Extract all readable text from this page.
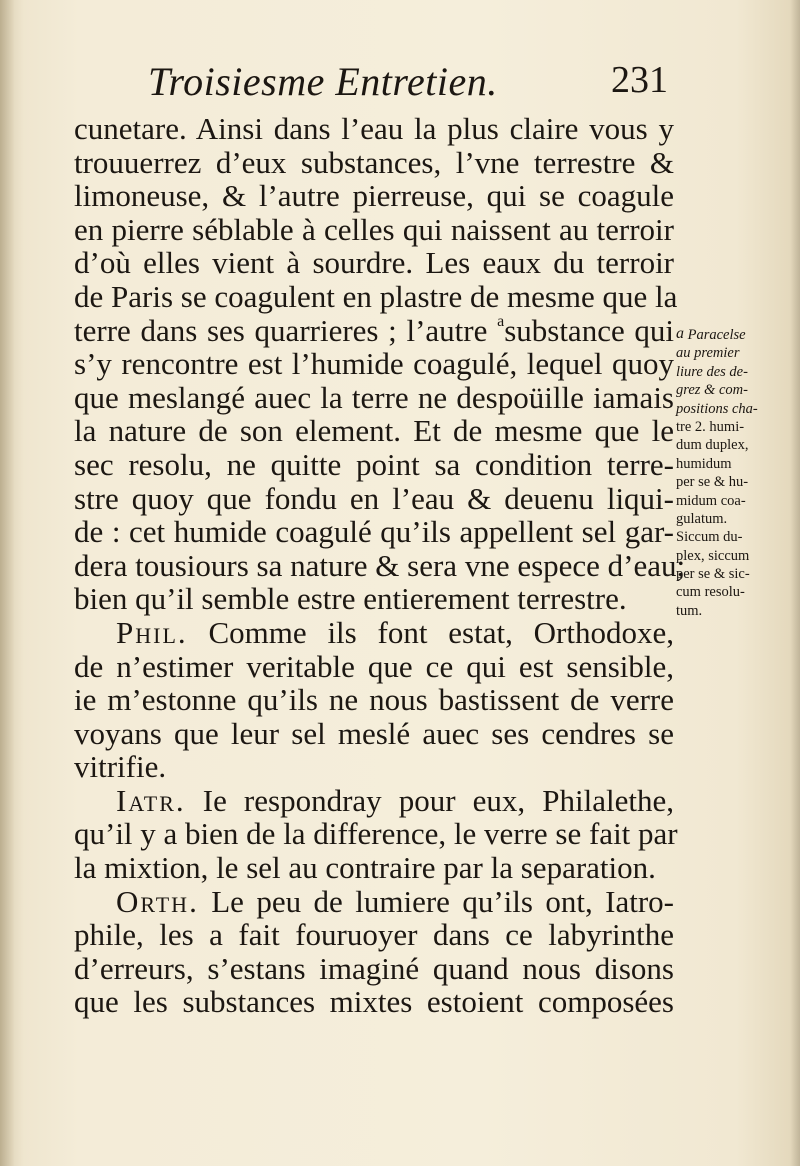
Troisiesme Entretien.	231
cunetare. Ainsi dans l’eau la plus claire vous y
trouuerrez d’eux substances, l’vne terrestre &
limoneuse, & l’autre pierreuse, qui se coagule
en pierre séblable à celles qui naissent au terroir
d’où elles vient à sourdre. Les eaux du terroir
de Paris se coagulent en plastre de mesme que la
terre dans ses quarrieres ; l’autre $^a$substance qui
s’y rencontre est l’humide coagulé, lequel quoy
que meslangé auec la terre ne despoüille iamais
la nature de son element. Et de mesme que le
sec resolu, ne quitte point sa condition terre-
stre quoy que fondu en l’eau & deuenu liqui-
de : cet humide coagulé qu’ils appellent sel gar-
dera tousiours sa nature & sera vne espece d’eau;
bien qu’il semble estre entierement terrestre.
Phil. Comme ils font estat, Orthodoxe,
de n’estimer veritable que ce qui est sensible,
ie m’estonne qu’ils ne nous bastissent de verre
voyans que leur sel meslé auec ses cendres se
vitrifie.
Iatr. Ie respondray pour eux, Philalethe,
qu’il y a bien de la difference, le verre se fait par
la mixtion, le sel au contraire par la separation.
Orth. Le peu de lumiere qu’ils ont, Iatro-
phile, les a fait fouruoyer dans ce labyrinthe
d’erreurs, s’estans imaginé quand nous disons
que les substances mixtes estoient composées
a Paracelse
au premier
liure des de-
grez & com-
positions cha-
tre 2. humi-
dum duplex,
humidum
per se & hu-
midum coa-
gulatum.
Siccum du-
plex, siccum
per se & sic-
cum resolu-
tum.
